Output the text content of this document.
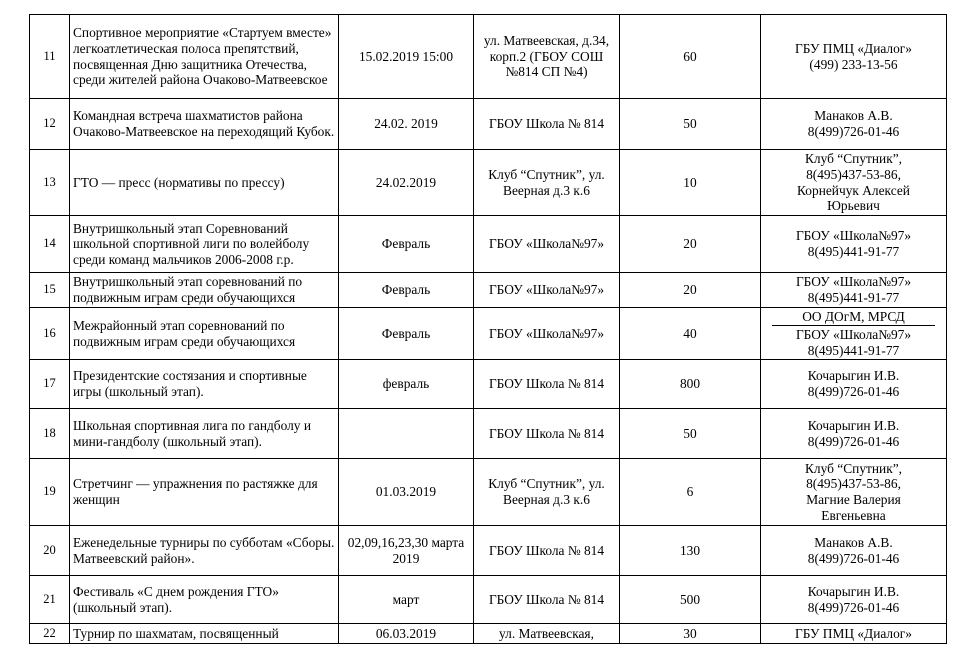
11	Спортивное мероприятие «Стартуем вместе» легкоатлетическая полоса препятствий, посвященная Дню защитника Отечества, среди жителей района Очаково-Матвеевское	15.02.2019 15:00	ул. Матвеевская, д.34, корп.2 (ГБОУ СОШ №814 СП №4)	60	ГБУ ПМЦ «Диалог»
(499) 233-13-56

12	Командная встреча шахматистов района Очаково-Матвеевское на переходящий Кубок.	24.02. 2019	ГБОУ Школа № 814	50	Манаков А.В.
8(499)726-01-46

13	ГТО — пресс (нормативы по прессу)	24.02.2019	Клуб “Спутник”, ул. Веерная д.3 к.6	10	Клуб “Спутник”,
8(495)437-53-86,
Корнейчук Алексей
Юрьевич

14	Внутришкольный этап Соревнований школьной спортивной лиги по волейболу среди команд мальчиков 2006-2008 г.р.	Февраль	ГБОУ «Школа№97»	20	ГБОУ «Школа№97»
8(495)441-91-77

15	Внутришкольный этап соревнований по подвижным играм среди обучающихся	Февраль	ГБОУ «Школа№97»	20	ГБОУ «Школа№97»
8(495)441-91-77

16	Межрайонный этап соревнований по подвижным играм среди обучающихся	Февраль	ГБОУ «Школа№97»	40	ОО ДОгМ, МРСД
ГБОУ «Школа№97»
8(495)441-91-77

17	Президентские состязания и спортивные игры (школьный этап).	февраль	ГБОУ Школа № 814	800	Кочарыгин И.В.
8(499)726-01-46

18	Школьная спортивная лига по гандболу и мини-гандболу (школьный этап).		ГБОУ Школа № 814	50	Кочарыгин И.В.
8(499)726-01-46

19	Стретчинг — упражнения по растяжке для женщин	01.03.2019	Клуб “Спутник”, ул. Веерная д.3 к.6	6	Клуб “Спутник”,
8(495)437-53-86,
Магние Валерия
Евгеньевна

20	Еженедельные турниры по субботам «Сборы. Матвеевский район».	02,09,16,23,30 марта 2019	ГБОУ Школа № 814	130	Манаков А.В.
8(499)726-01-46

21	Фестиваль «С днем рождения ГТО» (школьный этап).	март	ГБОУ Школа № 814	500	Кочарыгин И.В.
8(499)726-01-46

22	Турнир по шахматам, посвященный	06.03.2019	ул. Матвеевская,	30	ГБУ ПМЦ «Диалог»
